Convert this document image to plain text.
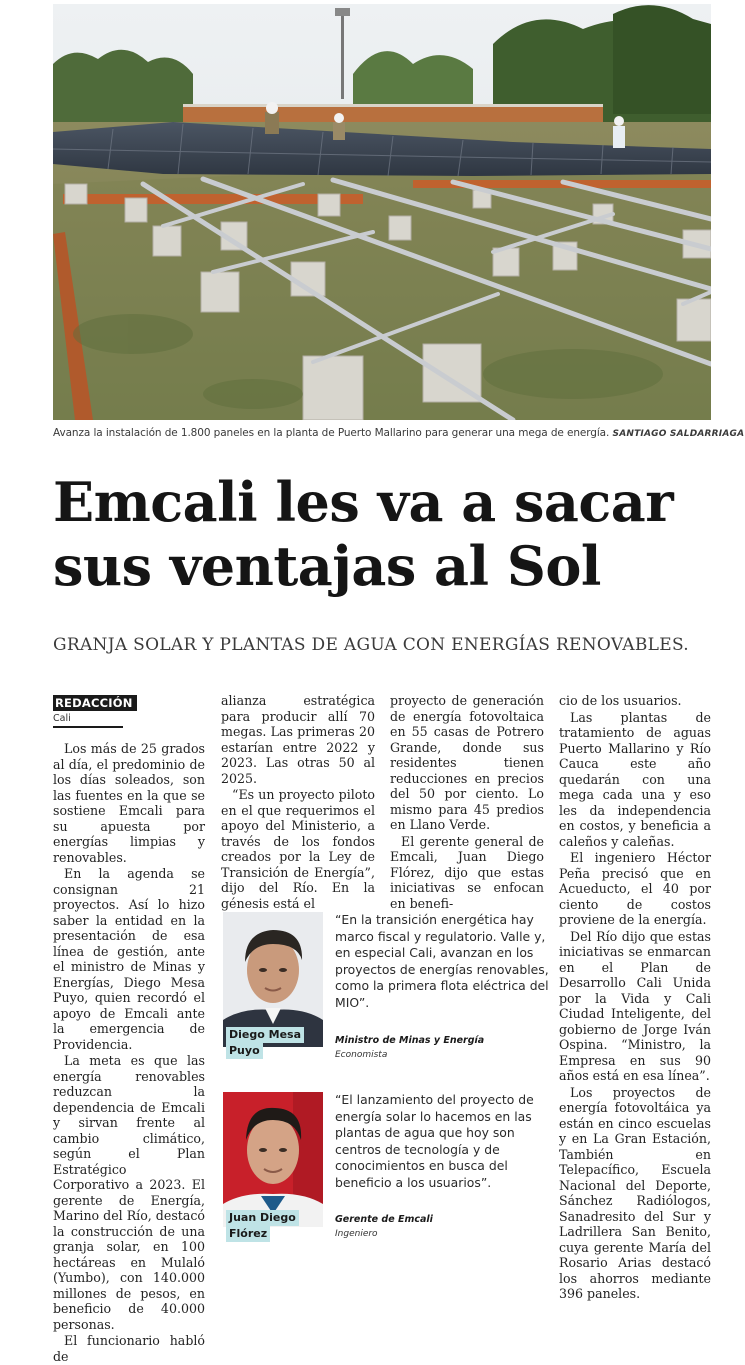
Avanza la instalación de 1.800 paneles en la planta de Puerto Mallarino para generar una mega de energía. SANTIAGO SALDARRIAGA
Emcali les va a sacar
sus ventajas al Sol
GRANJA SOLAR Y PLANTAS DE AGUA CON ENERGÍAS RENOVABLES.
REDACCIÓN
Cali

Los más de 25 grados al día, el predominio de los días soleados, son las fuentes en la que se sostiene Emcali para su apuesta por energías limpias y renovables.

En la agenda se consignan 21 proyectos. Así lo hizo saber la entidad en la presentación de esa línea de gestión, ante el ministro de Minas y Energías, Diego Mesa Puyo, quien recordó el apoyo de Emcali ante la emergencia de Providencia.

La meta es que las energía renovables reduzcan la dependencia de Emcali y sirvan frente al cambio climático, según el Plan Estratégico Corporativo a 2023. El gerente de Energía, Marino del Río, destacó la construcción de una granja solar, en 100 hectáreas en Mulaló (Yumbo), con 140.000 millones de pesos, en beneficio de 40.000 personas.

El funcionario habló de

alianza estratégica para producir allí 70 megas. Las primeras 20 estarían entre 2022 y 2023. Las otras 50 al 2025.

“Es un proyecto piloto en el que requerimos el apoyo del Ministerio, a través de los fondos creados por la Ley de Transición de Energía”, dijo del Río. En la génesis está el

proyecto de generación de energía fotovoltaica en 55 casas de Potrero Grande, donde sus residentes tienen reducciones en precios del 50 por ciento. Lo mismo para 45 predios en Llano Verde.

El gerente general de Emcali, Juan Diego Flórez, dijo que estas iniciativas se enfocan en benefi-

cio de los usuarios.

Las plantas de tratamiento de aguas Puerto Mallarino y Río Cauca este año quedarán con una mega cada una y eso les da independencia en costos, y beneficia a caleños y caleñas.

El ingeniero Héctor Peña precisó que en Acueducto, el 40 por ciento de costos proviene de la energía.

Del Río dijo que estas iniciativas se enmarcan en el Plan de Desarrollo Cali Unida por la Vida y Cali Ciudad Inteligente, del gobierno de Jorge Iván Ospina. “Ministro, la Empresa en sus 90 años está en esa línea”.

Los proyectos de energía fotovoltáica ya están en cinco escuelas y en La Gran Estación, También en Telepacífico, Escuela Nacional del Deporte, Sánchez Radiólogos, Sanadresito del Sur y Ladrillera San Benito, cuya gerente María del Rosario Arias destacó los ahorros mediante 396 paneles.

Diego Mesa
Puyo
“En la transición energética hay marco fiscal y regulatorio. Valle y, en especial Cali, avanzan en los proyectos de energías renovables, como la primera flota eléctrica del MIO”.
Ministro de Minas y Energía
Economista
Juan Diego
Flórez
“El lanzamiento del proyecto de energía solar lo hacemos en las plantas de agua que hoy son centros de tecnología y de conocimientos en busca del beneficio a los usuarios”.
Gerente de Emcali
Ingeniero
